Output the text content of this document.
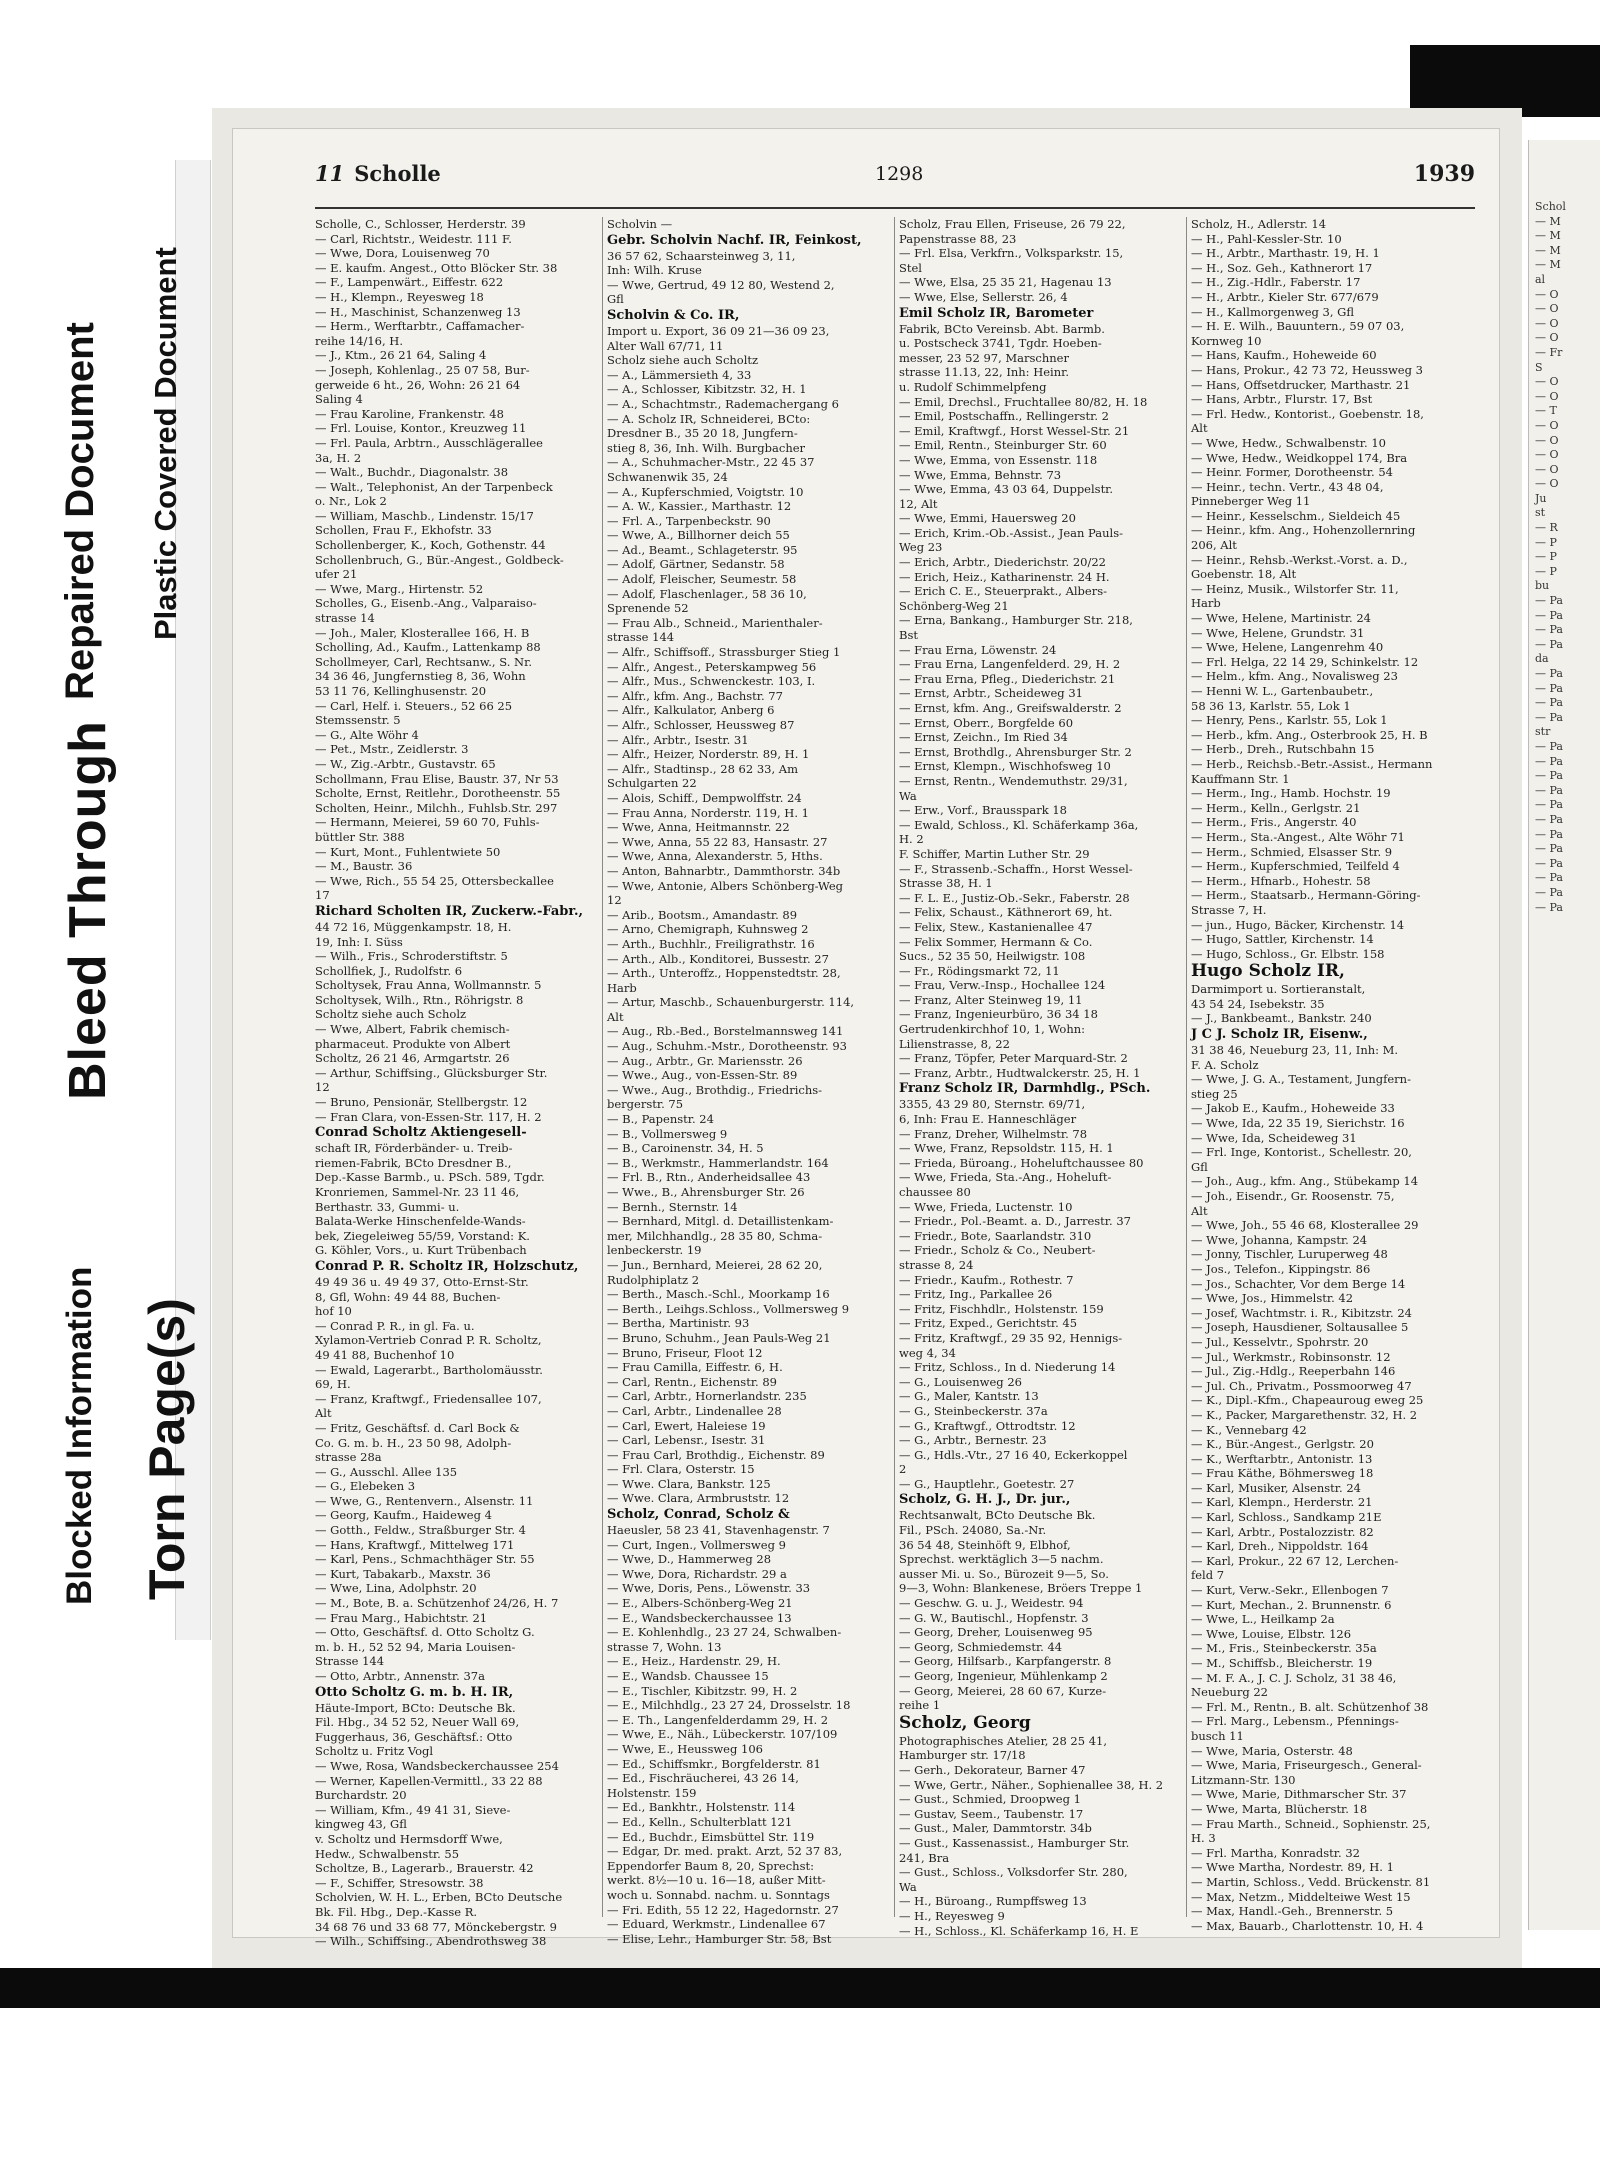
11 Scholle	1298	1939
Scholle, C., Schlosser, Herderstr. 39
— Carl, Richtstr., Weidestr. 111 F.
— Wwe, Dora, Louisenweg 70
— E. kaufm. Angest., Otto Blöcker Str. 38
— F., Lampenwärt., Eiffestr. 622
— H., Klempn., Reyesweg 18
— H., Maschinist, Schanzenweg 13
— Herm., Werftarbtr., Caffamacher-
reihe 14/16, H.
— J., Ktm., 26 21 64, Saling 4
— Joseph, Kohlenlag., 25 07 58, Bur-
gerweide 6 ht., 26, Wohn: 26 21 64
Saling 4
— Frau Karoline, Frankenstr. 48
— Frl. Louise, Kontor., Kreuzweg 11
— Frl. Paula, Arbtrn., Ausschlägerallee
3a, H. 2
— Walt., Buchdr., Diagonalstr. 38
— Walt., Telephonist, An der Tarpenbeck
o. Nr., Lok 2
— William, Maschb., Lindenstr. 15/17
Schollen, Frau F., Ekhofstr. 33
Schollenberger, K., Koch, Gothenstr. 44
Schollenbruch, G., Bür.-Angest., Goldbeck-
ufer 21
— Wwe, Marg., Hirtenstr. 52
Scholles, G., Eisenb.-Ang., Valparaiso-
strasse 14
— Joh., Maler, Klosterallee 166, H. B
Scholling, Ad., Kaufm., Lattenkamp 88
Schollmeyer, Carl, Rechtsanw., S. Nr.
34 36 46, Jungfernstieg 8, 36, Wohn
53 11 76, Kellinghusenstr. 20
— Carl, Helf. i. Steuers., 52 66 25
Stemssenstr. 5
— G., Alte Wöhr 4
— Pet., Mstr., Zeidlerstr. 3
— W., Zig.-Arbtr., Gustavstr. 65
Schollmann, Frau Elise, Baustr. 37, Nr 53
Scholte, Ernst, Reitlehr., Dorotheenstr. 55
Scholten, Heinr., Milchh., Fuhlsb.Str. 297
— Hermann, Meierei, 59 60 70, Fuhls-
büttler Str. 388
— Kurt, Mont., Fuhlentwiete 50
— M., Baustr. 36
— Wwe, Rich., 55 54 25, Ottersbeckallee
17
Richard Scholten IR, Zuckerw.-Fabr.,
44 72 16, Müggenkampstr. 18, H.
19, Inh: I. Süss
— Wilh., Fris., Schroderstiftstr. 5
Schollfiek, J., Rudolfstr. 6
Scholtysek, Frau Anna, Wollmannstr. 5
Scholtysek, Wilh., Rtn., Röhrigstr. 8
Scholtz siehe auch Scholz
— Wwe, Albert, Fabrik chemisch-
pharmaceut. Produkte von Albert
Scholtz, 26 21 46, Armgartstr. 26
— Arthur, Schiffsing., Glücksburger Str.
12
— Bruno, Pensionär, Stellbergstr. 12
— Fran Clara, von-Essen-Str. 117, H. 2
Conrad Scholtz Aktiengesell-
schaft IR, Förderbänder- u. Treib-
riemen-Fabrik, BCto Dresdner B.,
Dep.-Kasse Barmb., u. PSch. 589, Tgdr.
Kronriemen, Sammel-Nr. 23 11 46,
Berthastr. 33, Gummi- u.
Balata-Werke Hinschenfelde-Wands-
bek, Ziegeleiweg 55/59, Vorstand: K.
G. Köhler, Vors., u. Kurt Trübenbach
Conrad P. R. Scholtz IR, Holzschutz,
49 49 36 u. 49 49 37, Otto-Ernst-Str.
8, Gfl, Wohn: 49 44 88, Buchen-
hof 10
— Conrad P. R., in gl. Fa. u.
Xylamon-Vertrieb Conrad P. R. Scholtz,
49 41 88, Buchenhof 10
— Ewald, Lagerarbt., Bartholomäusstr.
69, H.
— Franz, Kraftwgf., Friedensallee 107,
Alt
— Fritz, Geschäftsf. d. Carl Bock &
Co. G. m. b. H., 23 50 98, Adolph-
strasse 28a
— G., Ausschl. Allee 135
— G., Elebeken 3
— Wwe, G., Rentenvern., Alsenstr. 11
— Georg, Kaufm., Haideweg 4
— Gotth., Feldw., Straßburger Str. 4
— Hans, Kraftwgf., Mittelweg 171
— Karl, Pens., Schmachthäger Str. 55
— Kurt, Tabakarb., Maxstr. 36
— Wwe, Lina, Adolphstr. 20
— M., Bote, B. a. Schützenhof 24/26, H. 7
— Frau Marg., Habichtstr. 21
— Otto, Geschäftsf. d. Otto Scholtz G.
m. b. H., 52 52 94, Maria Louisen-
Strasse 144
— Otto, Arbtr., Annenstr. 37a
Otto Scholtz G. m. b. H. IR,
Häute-Import, BCto: Deutsche Bk.
Fil. Hbg., 34 52 52, Neuer Wall 69,
Fuggerhaus, 36, Geschäftsf.: Otto
Scholtz u. Fritz Vogl
— Wwe, Rosa, Wandsbeckerchaussee 254
— Werner, Kapellen-Vermittl., 33 22 88
Burchardstr. 20
— William, Kfm., 49 41 31, Sieve-
kingweg 43, Gfl
v. Scholtz und Hermsdorff Wwe,
Hedw., Schwalbenstr. 55
Scholtze, B., Lagerarb., Brauerstr. 42
— F., Schiffer, Stresowstr. 38
Scholvien, W. H. L., Erben, BCto Deutsche
Bk. Fil. Hbg., Dep.-Kasse R.
34 68 76 und 33 68 77, Mönckebergstr. 9
— Wilh., Schiffsing., Abendrothsweg 38
Scholvin —
Gebr. Scholvin Nachf. IR, Feinkost,
36 57 62, Schaarsteinweg 3, 11,
Inh: Wilh. Kruse
— Wwe, Gertrud, 49 12 80, Westend 2,
Gfl
Scholvin & Co. IR,
Import u. Export, 36 09 21—36 09 23,
Alter Wall 67/71, 11
Scholz siehe auch Scholtz
— A., Lämmersieth 4, 33
— A., Schlosser, Kibitzstr. 32, H. 1
— A., Schachtmstr., Rademachergang 6
— A. Scholz IR, Schneiderei, BCto:
Dresdner B., 35 20 18, Jungfern-
stieg 8, 36, Inh. Wilh. Burgbacher
— A., Schuhmacher-Mstr., 22 45 37
Schwanenwik 35, 24
— A., Kupferschmied, Voigtstr. 10
— A. W., Kassier., Marthastr. 12
— Frl. A., Tarpenbeckstr. 90
— Wwe, A., Billhorner deich 55
— Ad., Beamt., Schlageterstr. 95
— Adolf, Gärtner, Sedanstr. 58
— Adolf, Fleischer, Seumestr. 58
— Adolf, Flaschenlager., 58 36 10,
Sprenende 52
— Frau Alb., Schneid., Marienthaler-
strasse 144
— Alfr., Schiffsoff., Strassburger Stieg 1
— Alfr., Angest., Peterskampweg 56
— Alfr., Mus., Schwenckestr. 103, I.
— Alfr., kfm. Ang., Bachstr. 77
— Alfr., Kalkulator, Anberg 6
— Alfr., Schlosser, Heussweg 87
— Alfr., Arbtr., Isestr. 31
— Alfr., Heizer, Norderstr. 89, H. 1
— Alfr., Stadtinsp., 28 62 33, Am
Schulgarten 22
— Alois, Schiff., Dempwolffstr. 24
— Frau Anna, Norderstr. 119, H. 1
— Wwe, Anna, Heitmannstr. 22
— Wwe, Anna, 55 22 83, Hansastr. 27
— Wwe, Anna, Alexanderstr. 5, Hths.
— Anton, Bahnarbtr., Dammthorstr. 34b
— Wwe, Antonie, Albers Schönberg-Weg
12
— Arib., Bootsm., Amandastr. 89
— Arno, Chemigraph, Kuhnsweg 2
— Arth., Buchhlr., Freiligrathstr. 16
— Arth., Alb., Konditorei, Bussestr. 27
— Arth., Unteroffz., Hoppenstedtstr. 28,
Harb
— Artur, Maschb., Schauenburgerstr. 114,
Alt
— Aug., Rb.-Bed., Borstelmannsweg 141
— Aug., Schuhm.-Mstr., Dorotheenstr. 93
— Aug., Arbtr., Gr. Mariensstr. 26
— Wwe., Aug., von-Essen-Str. 89
— Wwe., Aug., Brothdig., Friedrichs-
bergerstr. 75
— B., Papenstr. 24
— B., Vollmersweg 9
— B., Caroinenstr. 34, H. 5
— B., Werkmstr., Hammerlandstr. 164
— Frl. B., Rtn., Anderheidsallee 43
— Wwe., B., Ahrensburger Str. 26
— Bernh., Sternstr. 14
— Bernhard, Mitgl. d. Detaillistenkam-
mer, Milchhandlg., 28 35 80, Schma-
lenbeckerstr. 19
— Jun., Bernhard, Meierei, 28 62 20,
Rudolphiplatz 2
— Berth., Masch.-Schl., Moorkamp 16
— Berth., Leihgs.Schloss., Vollmersweg 9
— Bertha, Martinistr. 93
— Bruno, Schuhm., Jean Pauls-Weg 21
— Bruno, Friseur, Floot 12
— Frau Camilla, Eiffestr. 6, H.
— Carl, Rentn., Eichenstr. 89
— Carl, Arbtr., Hornerlandstr. 235
— Carl, Arbtr., Lindenallee 28
— Carl, Ewert, Haleiese 19
— Carl, Lebensr., Isestr. 31
— Frau Carl, Brothdig., Eichenstr. 89
— Frl. Clara, Osterstr. 15
— Wwe. Clara, Bankstr. 125
— Wwe. Clara, Armbruststr. 12
Scholz, Conrad, Scholz &
Haeusler, 58 23 41, Stavenhagenstr. 7
— Curt, Ingen., Vollmersweg 9
— Wwe, D., Hammerweg 28
— Wwe, Dora, Richardstr. 29 a
— Wwe, Doris, Pens., Löwenstr. 33
— E., Albers-Schönberg-Weg 21
— E., Wandsbeckerchaussee 13
— E. Kohlenhdlg., 23 27 24, Schwalben-
strasse 7, Wohn. 13
— E., Heiz., Hardenstr. 29, H.
— E., Wandsb. Chaussee 15
— E., Tischler, Kibitzstr. 99, H. 2
— E., Milchhdlg., 23 27 24, Drosselstr. 18
— E. Th., Langenfelderdamm 29, H. 2
— Wwe, E., Näh., Lübeckerstr. 107/109
— Wwe, E., Heussweg 106
— Ed., Schiffsmkr., Borgfelderstr. 81
— Ed., Fischräucherei, 43 26 14,
Holstenstr. 159
— Ed., Bankhtr., Holstenstr. 114
— Ed., Kelln., Schulterblatt 121
— Ed., Buchdr., Eimsbüttel Str. 119
— Edgar, Dr. med. prakt. Arzt, 52 37 83,
Eppendorfer Baum 8, 20, Sprechst:
werkt. 8½—10 u. 16—18, außer Mitt-
woch u. Sonnabd. nachm. u. Sonntags
— Fri. Edith, 55 12 22, Hagedornstr. 27
— Eduard, Werkmstr., Lindenallee 67
— Elise, Lehr., Hamburger Str. 58, Bst
Scholz, Frau Ellen, Friseuse, 26 79 22,
Papenstrasse 88, 23
— Frl. Elsa, Verkfrn., Volksparkstr. 15,
Stel
— Wwe, Elsa, 25 35 21, Hagenau 13
— Wwe, Else, Sellerstr. 26, 4
Emil Scholz IR, Barometer
Fabrik, BCto Vereinsb. Abt. Barmb.
u. Postscheck 3741, Tgdr. Hoeben-
messer, 23 52 97, Marschner
strasse 11.13, 22, Inh: Heinr.
u. Rudolf Schimmelpfeng
— Emil, Drechsl., Fruchtallee 80/82, H. 18
— Emil, Postschaffn., Rellingerstr. 2
— Emil, Kraftwgf., Horst Wessel-Str. 21
— Emil, Rentn., Steinburger Str. 60
— Wwe, Emma, von Essenstr. 118
— Wwe, Emma, Behnstr. 73
— Wwe, Emma, 43 03 64, Duppelstr.
12, Alt
— Wwe, Emmi, Hauersweg 20
— Erich, Krim.-Ob.-Assist., Jean Pauls-
Weg 23
— Erich, Arbtr., Diederichstr. 20/22
— Erich, Heiz., Katharinenstr. 24 H.
— Erich C. E., Steuerprakt., Albers-
Schönberg-Weg 21
— Erna, Bankang., Hamburger Str. 218,
Bst
— Frau Erna, Löwenstr. 24
— Frau Erna, Langenfelderd. 29, H. 2
— Frau Erna, Pfleg., Diederichstr. 21
— Ernst, Arbtr., Scheideweg 31
— Ernst, kfm. Ang., Greifswalderstr. 2
— Ernst, Oberr., Borgfelde 60
— Ernst, Zeichn., Im Ried 34
— Ernst, Brothdlg., Ahrensburger Str. 2
— Ernst, Klempn., Wischhofsweg 10
— Ernst, Rentn., Wendemuthstr. 29/31,
Wa
— Erw., Vorf., Brausspark 18
— Ewald, Schloss., Kl. Schäferkamp 36a,
H. 2
F. Schiffer, Martin Luther Str. 29
— F., Strassenb.-Schaffn., Horst Wessel-
Strasse 38, H. 1
— F. L. E., Justiz-Ob.-Sekr., Faberstr. 28
— Felix, Schaust., Käthnerort 69, ht.
— Felix, Stew., Kastanienallee 47
— Felix Sommer, Hermann & Co.
Sucs., 52 35 50, Heilwigstr. 108
— Fr., Rödingsmarkt 72, 11
— Frau, Verw.-Insp., Hochallee 124
— Franz, Alter Steinweg 19, 11
— Franz, Ingenieurbüro, 36 34 18
Gertrudenkirchhof 10, 1, Wohn:
Lilienstrasse, 8, 22
— Franz, Töpfer, Peter Marquard-Str. 2
— Franz, Arbtr., Hudtwalckerstr. 25, H. 1
Franz Scholz IR, Darmhdlg., PSch.
3355, 43 29 80, Sternstr. 69/71,
6, Inh: Frau E. Hanneschläger
— Franz, Dreher, Wilhelmstr. 78
— Wwe, Franz, Repsoldstr. 115, H. 1
— Frieda, Büroang., Hoheluftchaussee 80
— Wwe, Frieda, Sta.-Ang., Hoheluft-
chaussee 80
— Wwe, Frieda, Luctenstr. 10
— Friedr., Pol.-Beamt. a. D., Jarrestr. 37
— Friedr., Bote, Saarlandstr. 310
— Friedr., Scholz & Co., Neubert-
strasse 8, 24
— Friedr., Kaufm., Rothestr. 7
— Fritz, Ing., Parkallee 26
— Fritz, Fischhdlr., Holstenstr. 159
— Fritz, Exped., Gerichtstr. 45
— Fritz, Kraftwgf., 29 35 92, Hennigs-
weg 4, 34
— Fritz, Schloss., In d. Niederung 14
— G., Louisenweg 26
— G., Maler, Kantstr. 13
— G., Steinbeckerstr. 37a
— G., Kraftwgf., Ottrodtstr. 12
— G., Arbtr., Bernestr. 23
— G., Hdls.-Vtr., 27 16 40, Eckerkoppel
2
— G., Hauptlehr., Goetestr. 27
Scholz, G. H. J., Dr. jur.,
Rechtsanwalt, BCto Deutsche Bk.
Fil., PSch. 24080, Sa.-Nr.
36 54 48, Steinhöft 9, Elbhof,
Sprechst. werktäglich 3—5 nachm.
ausser Mi. u. So., Bürozeit 9—5, So.
9—3, Wohn: Blankenese, Bröers Treppe 1
— Geschw. G. u. J., Weidestr. 94
— G. W., Bautischl., Hopfenstr. 3
— Georg, Dreher, Louisenweg 95
— Georg, Schmiedemstr. 44
— Georg, Hilfsarb., Karpfangerstr. 8
— Georg, Ingenieur, Mühlenkamp 2
— Georg, Meierei, 28 60 67, Kurze-
reihe 1
Scholz, Georg
Photographisches Atelier, 28 25 41,
Hamburger str. 17/18
— Gerh., Dekorateur, Barner 47
— Wwe, Gertr., Näher., Sophienallee 38, H. 2
— Gust., Schmied, Droopweg 1
— Gustav, Seem., Taubenstr. 17
— Gust., Maler, Dammtorstr. 34b
— Gust., Kassenassist., Hamburger Str.
241, Bra
— Gust., Schloss., Volksdorfer Str. 280,
Wa
— H., Büroang., Rumpffsweg 13
— H., Reyesweg 9
— H., Schloss., Kl. Schäferkamp 16, H. E
Scholz, H., Adlerstr. 14
— H., Pahl-Kessler-Str. 10
— H., Arbtr., Marthastr. 19, H. 1
— H., Soz. Geh., Kathnerort 17
— H., Zig.-Hdlr., Faberstr. 17
— H., Arbtr., Kieler Str. 677/679
— H., Kallmorgenweg 3, Gfl
— H. E. Wilh., Bauuntern., 59 07 03,
Kornweg 10
— Hans, Kaufm., Hoheweide 60
— Hans, Prokur., 42 73 72, Heussweg 3
— Hans, Offsetdrucker, Marthastr. 21
— Hans, Arbtr., Flurstr. 17, Bst
— Frl. Hedw., Kontorist., Goebenstr. 18,
Alt
— Wwe, Hedw., Schwalbenstr. 10
— Wwe, Hedw., Weidkoppel 174, Bra
— Heinr. Former, Dorotheenstr. 54
— Heinr., techn. Vertr., 43 48 04,
Pinneberger Weg 11
— Heinr., Kesselschm., Sieldeich 45
— Heinr., kfm. Ang., Hohenzollernring
206, Alt
— Heinr., Rehsb.-Werkst.-Vorst. a. D.,
Goebenstr. 18, Alt
— Heinz, Musik., Wilstorfer Str. 11,
Harb
— Wwe, Helene, Martinistr. 24
— Wwe, Helene, Grundstr. 31
— Wwe, Helene, Langenrehm 40
— Frl. Helga, 22 14 29, Schinkelstr. 12
— Helm., kfm. Ang., Novalisweg 23
— Henni W. L., Gartenbaubetr.,
58 36 13, Karlstr. 55, Lok 1
— Henry, Pens., Karlstr. 55, Lok 1
— Herb., kfm. Ang., Osterbrook 25, H. B
— Herb., Dreh., Rutschbahn 15
— Herb., Reichsb.-Betr.-Assist., Hermann
Kauffmann Str. 1
— Herm., Ing., Hamb. Hochstr. 19
— Herm., Kelln., Gerlgstr. 21
— Herm., Fris., Angerstr. 40
— Herm., Sta.-Angest., Alte Wöhr 71
— Herm., Schmied, Elsasser Str. 9
— Herm., Kupferschmied, Teilfeld 4
— Herm., Hfnarb., Hohestr. 58
— Herm., Staatsarb., Hermann-Göring-
Strasse 7, H.
— jun., Hugo, Bäcker, Kirchenstr. 14
— Hugo, Sattler, Kirchenstr. 14
— Hugo, Schloss., Gr. Elbstr. 158
Hugo Scholz IR,
Darmimport u. Sortieranstalt,
43 54 24, Isebekstr. 35
— J., Bankbeamt., Bankstr. 240
J C J. Scholz IR, Eisenw.,
31 38 46, Neueburg 23, 11, Inh: M.
F. A. Scholz
— Wwe, J. G. A., Testament, Jungfern-
stieg 25
— Jakob E., Kaufm., Hoheweide 33
— Wwe, Ida, 22 35 19, Sierichstr. 16
— Wwe, Ida, Scheideweg 31
— Frl. Inge, Kontorist., Schellestr. 20,
Gfl
— Joh., Aug., kfm. Ang., Stübekamp 14
— Joh., Eisendr., Gr. Roosenstr. 75,
Alt
— Wwe, Joh., 55 46 68, Klosterallee 29
— Wwe, Johanna, Kampstr. 24
— Jonny, Tischler, Luruperweg 48
— Jos., Telefon., Kippingstr. 86
— Jos., Schachter, Vor dem Berge 14
— Wwe, Jos., Himmelstr. 42
— Josef, Wachtmstr. i. R., Kibitzstr. 24
— Joseph, Hausdiener, Soltausallee 5
— Jul., Kesselvtr., Spohrstr. 20
— Jul., Werkmstr., Robinsonstr. 12
— Jul., Zig.-Hdlg., Reeperbahn 146
— Jul. Ch., Privatm., Possmoorweg 47
— K., Dipl.-Kfm., Chapeauroug eweg 25
— K., Packer, Margarethenstr. 32, H. 2
— K., Vennebarg 42
— K., Bür.-Angest., Gerlgstr. 20
— K., Werftarbtr., Antonistr. 13
— Frau Käthe, Böhmersweg 18
— Karl, Musiker, Alsenstr. 24
— Karl, Klempn., Herderstr. 21
— Karl, Schloss., Sandkamp 21E
— Karl, Arbtr., Postalozzistr. 82
— Karl, Dreh., Nippoldstr. 164
— Karl, Prokur., 22 67 12, Lerchen-
feld 7
— Kurt, Verw.-Sekr., Ellenbogen 7
— Kurt, Mechan., 2. Brunnenstr. 6
— Wwe, L., Heilkamp 2a
— Wwe, Louise, Elbstr. 126
— M., Fris., Steinbeckerstr. 35a
— M., Schiffsb., Bleicherstr. 19
— M. F. A., J. C. J. Scholz, 31 38 46,
Neueburg 22
— Frl. M., Rentn., B. alt. Schützenhof 38
— Frl. Marg., Lebensm., Pfennings-
busch 11
— Wwe, Maria, Osterstr. 48
— Wwe, Maria, Friseurgesch., General-
Litzmann-Str. 130
— Wwe, Marie, Dithmarscher Str. 37
— Wwe, Marta, Blücherstr. 18
— Frau Marth., Schneid., Sophienstr. 25,
H. 3
— Frl. Martha, Konradstr. 32
— Wwe Martha, Nordestr. 89, H. 1
— Martin, Schloss., Vedd. Brückenstr. 81
— Max, Netzm., Middelteiwe West 15
— Max, Handl.-Geh., Brennerstr. 5
— Max, Bauarb., Charlottenstr. 10, H. 4
Schol
— M
— M
— M
— M
al
— O
— O
— O
— O
— Fr
S
— O
— O
— T
— O
— O
— O
— O
— O
Ju
st
— R
— P
— P
— P
bu
— Pa
— Pa
— Pa
— Pa
da
— Pa
— Pa
— Pa
— Pa
str
— Pa
— Pa
— Pa
— Pa
— Pa
— Pa
— Pa
— Pa
— Pa
— Pa
— Pa
— Pa
Bleed Through
Repaired Document Plastic Covered Document
Blocked Information Torn Page(s)
